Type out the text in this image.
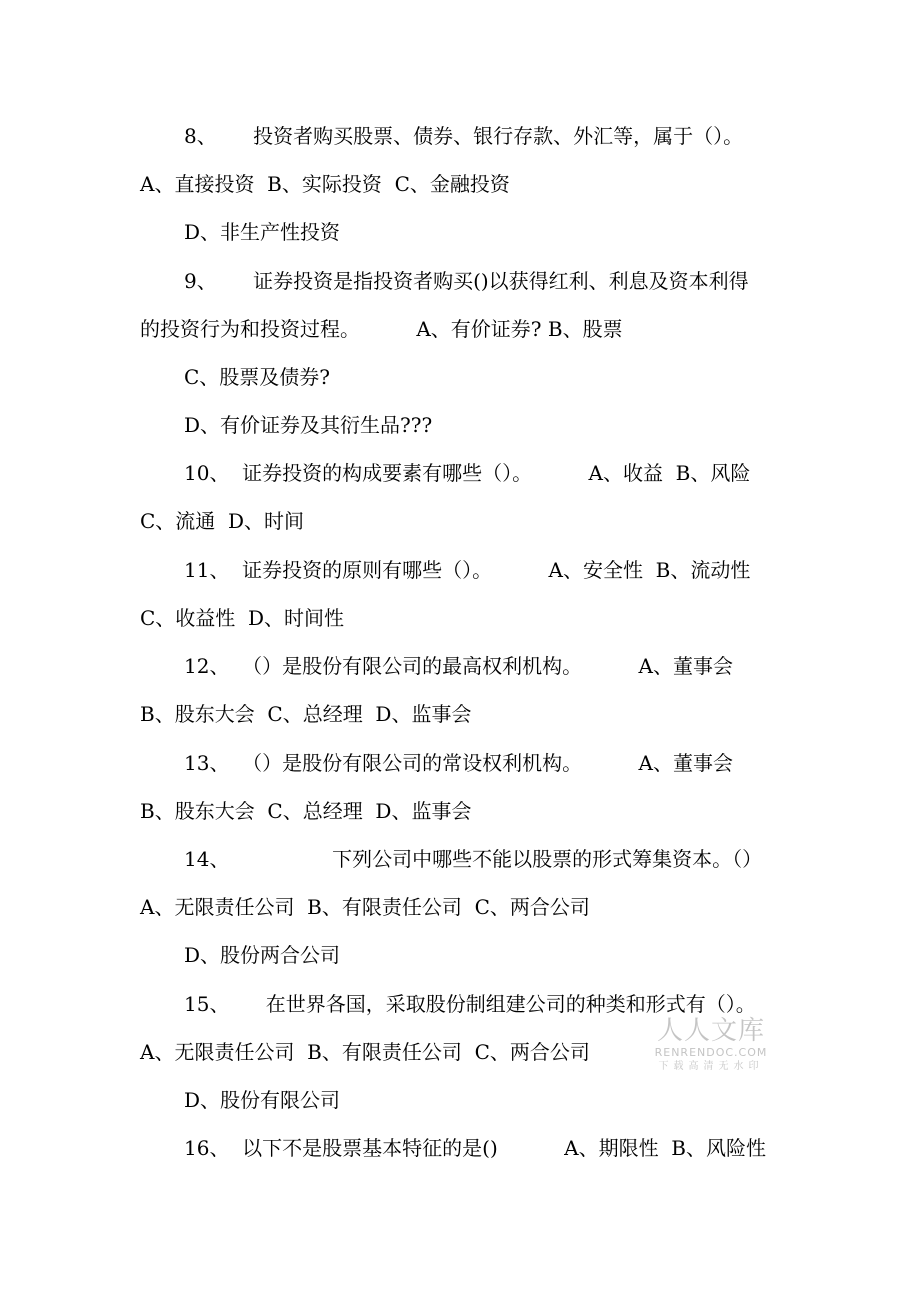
8、　 　投资者购买股票、债券、银行存款、外汇等，属于（）。
A、直接投资  B、实际投资  C、金融投资
D、非生产性投资
9、　 　证券投资是指投资者购买()以获得红利、利息及资本利得
的投资行为和投资过程。　 　　A、有价证券? B、股票
C、股票及债券?
D、有价证券及其衍生品???
10、  证券投资的构成要素有哪些（）。　 　　A、收益  B、风险
C、流通  D、时间
11、  证券投资的原则有哪些（）。　 　　A、安全性  B、流动性
C、收益性  D、时间性
12、  （）是股份有限公司的最高权利机构。　 　　A、董事会
B、股东大会  C、总经理  D、监事会
13、  （）是股份有限公司的常设权利机构。　 　　A、董事会
B、股东大会  C、总经理  D、监事会
14、　 　　 　　下列公司中哪些不能以股票的形式筹集资本。（）
A、无限责任公司  B、有限责任公司  C、两合公司
D、股份两合公司
15、　 　在世界各国，采取股份制组建公司的种类和形式有（）。
A、无限责任公司  B、有限责任公司  C、两合公司
D、股份有限公司
16、  以下不是股票基本特征的是()　 　　A、期限性  B、风险性
人人文库
RENRENDOC.COM
下载高清无水印
